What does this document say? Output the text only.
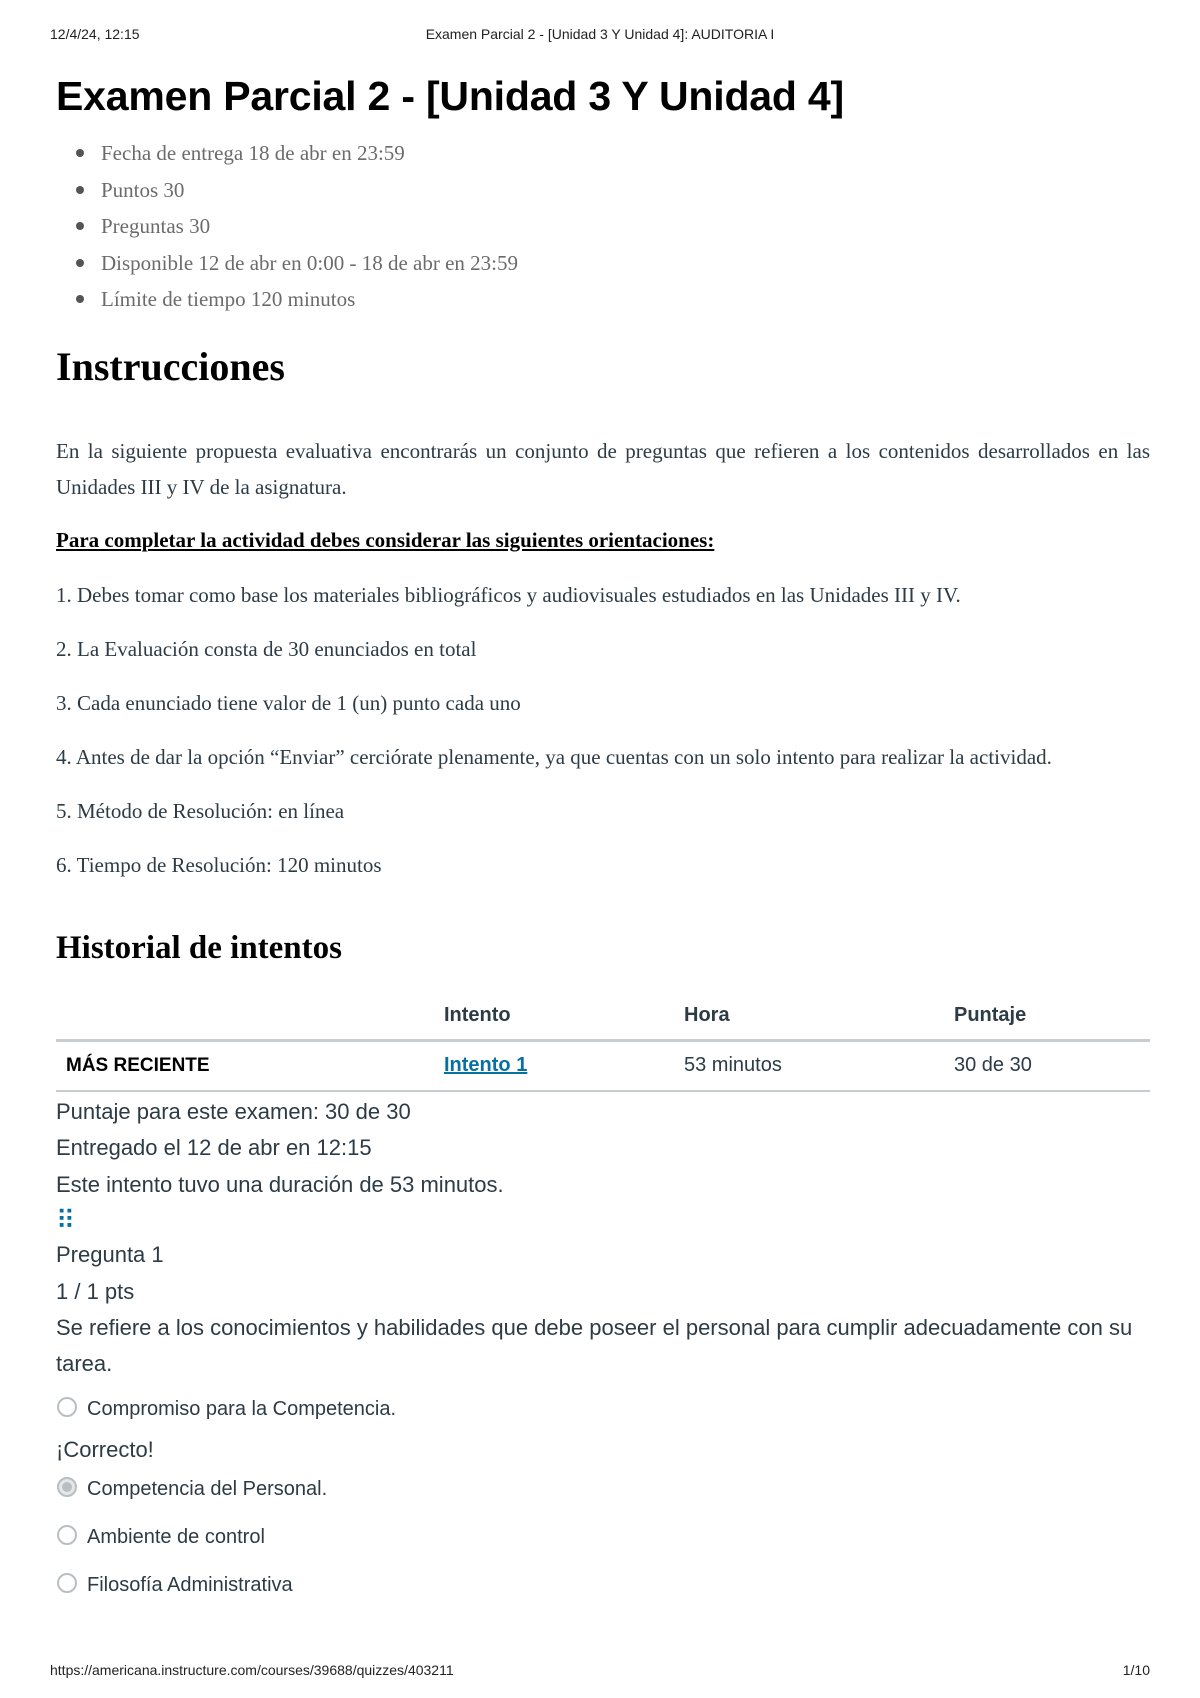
12/4/24, 12:15	Examen Parcial 2 - [Unidad 3 Y Unidad 4]: AUDITORIA I
Examen Parcial 2 - [Unidad 3 Y Unidad 4]
Fecha de entrega 18 de abr en 23:59
Puntos 30
Preguntas 30
Disponible 12 de abr en 0:00 - 18 de abr en 23:59
Límite de tiempo 120 minutos
Instrucciones

En la siguiente propuesta evaluativa encontrarás un conjunto de preguntas que refieren a los contenidos desarrollados en las Unidades III y IV de la asignatura.

Para completar la actividad debes considerar las siguientes orientaciones:

1. Debes tomar como base los materiales bibliográficos y audiovisuales estudiados en las Unidades III y IV.

2. La Evaluación consta de 30 enunciados en total

3. Cada enunciado tiene valor de 1 (un) punto cada uno

4. Antes de dar la opción “Enviar” cerciórate plenamente, ya que cuentas con un solo intento para realizar la actividad.

5. Método de Resolución: en línea

6. Tiempo de Resolución: 120 minutos

Historial de intentos
	Intento	Hora	Puntaje
MÁS RECIENTE	Intento 1	53 minutos	30 de 30
Puntaje para este examen: 30 de 30
Entregado el 12 de abr en 12:15
Este intento tuvo una duración de 53 minutos.
⠿
Pregunta 1
1 / 1 pts
Se refiere a los conocimientos y habilidades que debe poseer el personal para cumplir adecuadamente con su tarea.
Compromiso para la Competencia.
¡Correcto!
Competencia del Personal.
Ambiente de control
Filosofía Administrativa
https://americana.instructure.com/courses/39688/quizzes/403211	1/10
